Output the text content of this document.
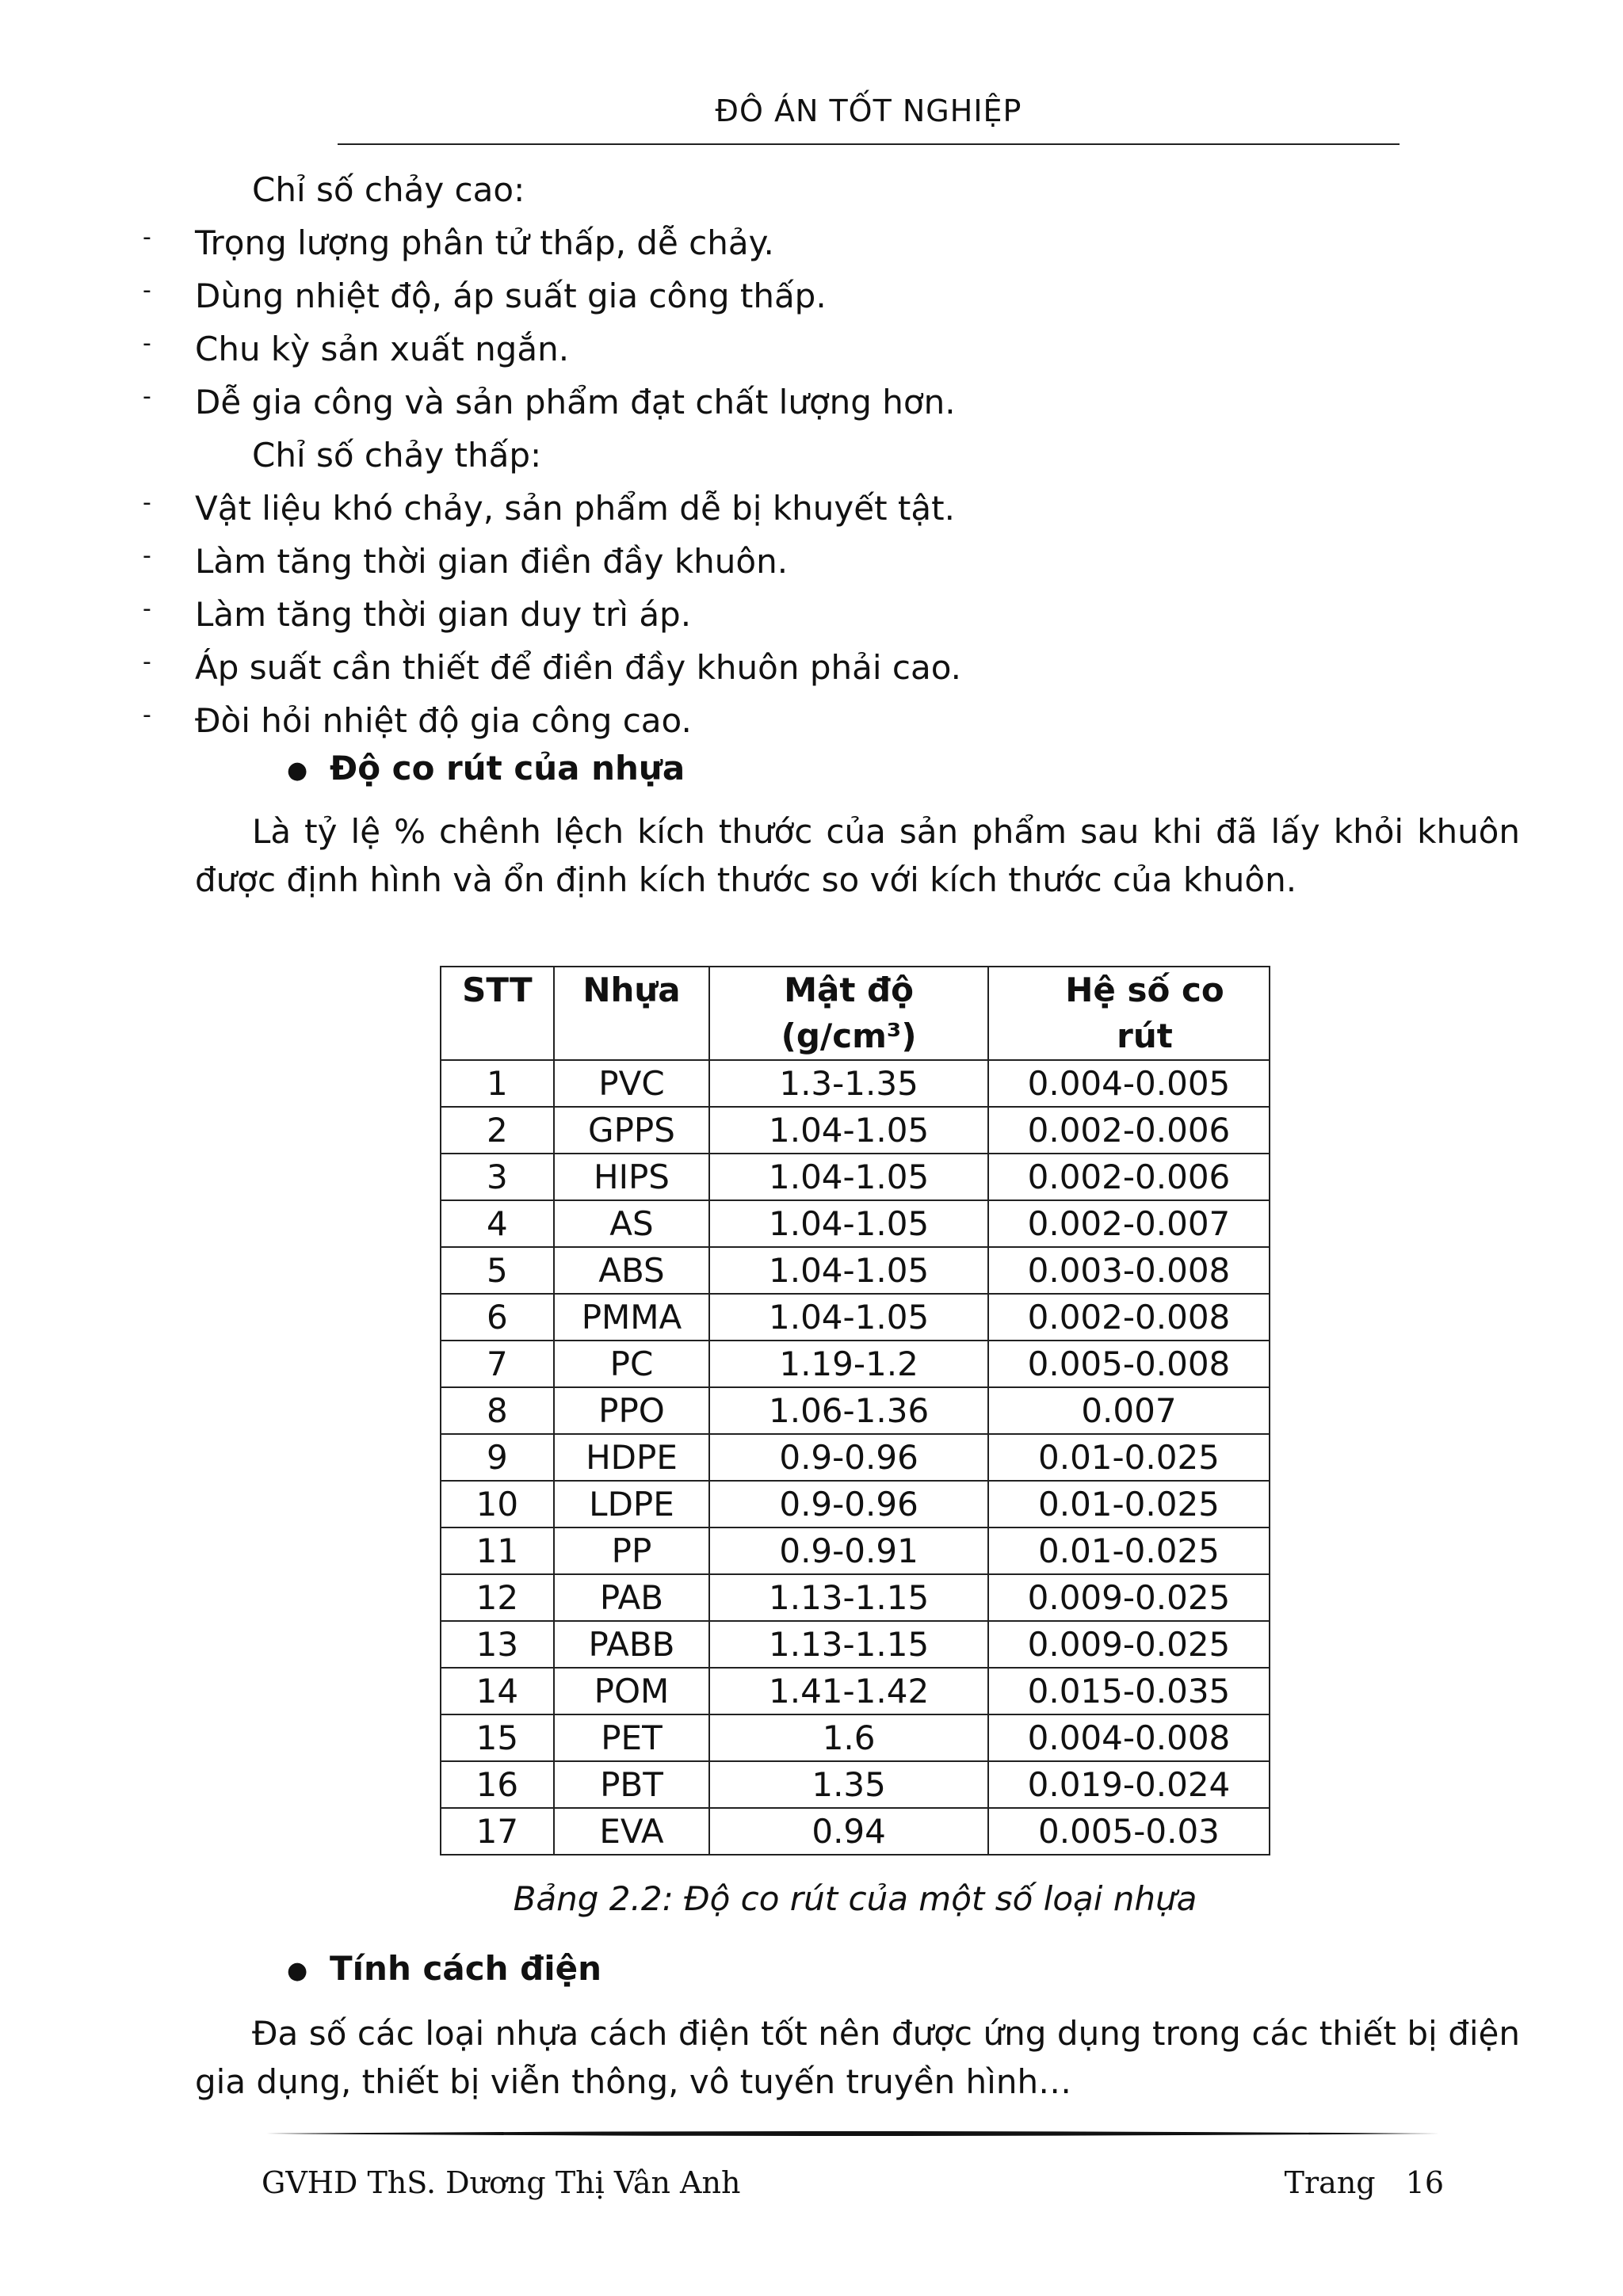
ĐÔ ÁN TỐT NGHIỆP
Chỉ số chảy cao:
- Trọng lượng phân tử thấp, dễ chảy.
- Dùng nhiệt độ, áp suất gia công thấp.
- Chu kỳ sản xuất ngắn.
- Dễ gia công và sản phẩm đạt chất lượng hơn.
Chỉ số chảy thấp:
- Vật liệu khó chảy, sản phẩm dễ bị khuyết tật.
- Làm tăng thời gian điền đầy khuôn.
- Làm tăng thời gian duy trì áp.
- Áp suất cần thiết để điền đầy khuôn phải cao.
- Đòi hỏi nhiệt độ gia công cao.
● Độ co rút của nhựa

Là tỷ lệ % chênh lệch kích thước của sản phẩm sau khi đã lấy khỏi khuôn được định hình và ổn định kích thước so với kích thước của khuôn.

STT	Nhựa	Mật độ (g/cm³)	Hệ số co rút
1	PVC	1.3-1.35	0.004-0.005
2	GPPS	1.04-1.05	0.002-0.006
3	HIPS	1.04-1.05	0.002-0.006
4	AS	1.04-1.05	0.002-0.007
5	ABS	1.04-1.05	0.003-0.008
6	PMMA	1.04-1.05	0.002-0.008
7	PC	1.19-1.2	0.005-0.008
8	PPO	1.06-1.36	0.007
9	HDPE	0.9-0.96	0.01-0.025
10	LDPE	0.9-0.96	0.01-0.025
11	PP	0.9-0.91	0.01-0.025
12	PAB	1.13-1.15	0.009-0.025
13	PABB	1.13-1.15	0.009-0.025
14	POM	1.41-1.42	0.015-0.035
15	PET	1.6	0.004-0.008
16	PBT	1.35	0.019-0.024
17	EVA	0.94	0.005-0.03
Bảng 2.2: Độ co rút của một số loại nhựa
● Tính cách điện

Đa số các loại nhựa cách điện tốt nên được ứng dụng trong các thiết bị điện gia dụng, thiết bị viễn thông, vô tuyến truyền hình…

GVHD ThS. Dương Thị Vân Anh	Trang 16
